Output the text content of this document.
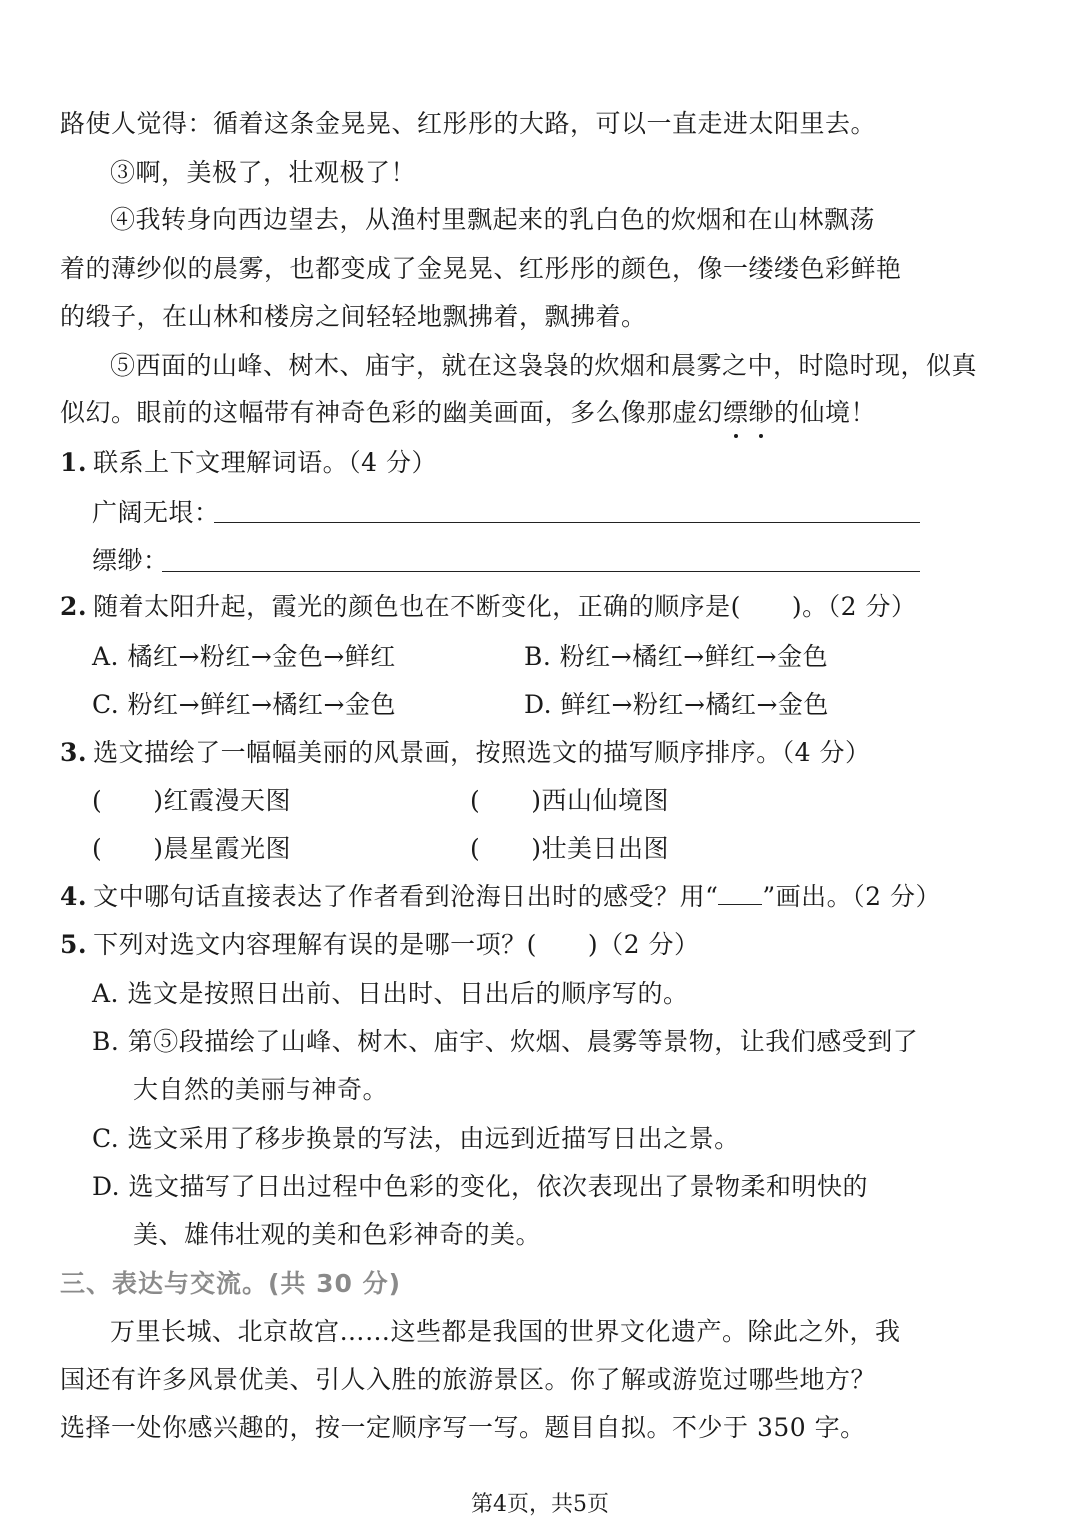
路使人觉得：循着这条金晃晃、红彤彤的大路，可以一直走进太阳里去。
③啊，美极了，壮观极了！
④我转身向西边望去，从渔村里飘起来的乳白色的炊烟和在山林飘荡
着的薄纱似的晨雾，也都变成了金晃晃、红彤彤的颜色，像一缕缕色彩鲜艳
的缎子，在山林和楼房之间轻轻地飘拂着，飘拂着。
⑤西面的山峰、树木、庙宇，就在这袅袅的炊烟和晨雾之中，时隐时现，似真
似幻。眼前的这幅带有神奇色彩的幽美画面，多么像那虚幻缥缈的仙境！
1. 联系上下文理解词语。（4 分）
广阔无垠：
缥缈：
2. 随着太阳升起，霞光的颜色也在不断变化，正确的顺序是(　　)。（2 分）
A. 橘红→粉红→金色→鲜红	B. 粉红→橘红→鲜红→金色
C. 粉红→鲜红→橘红→金色	D. 鲜红→粉红→橘红→金色
3. 选文描绘了一幅幅美丽的风景画，按照选文的描写顺序排序。（4 分）
(　　)红霞漫天图	(　　)西山仙境图
(　　)晨星霞光图	(　　)壮美日出图
4. 文中哪句话直接表达了作者看到沧海日出时的感受？用“ ”画出。（2 分）
5. 下列对选文内容理解有误的是哪一项？(　　)（2 分）
A. 选文是按照日出前、日出时、日出后的顺序写的。
B. 第⑤段描绘了山峰、树木、庙宇、炊烟、晨雾等景物，让我们感受到了
大自然的美丽与神奇。
C. 选文采用了移步换景的写法，由远到近描写日出之景。
D. 选文描写了日出过程中色彩的变化，依次表现出了景物柔和明快的
美、雄伟壮观的美和色彩神奇的美。
三、表达与交流。(共 30 分)
万里长城、北京故宫……这些都是我国的世界文化遗产。除此之外，我
国还有许多风景优美、引人入胜的旅游景区。你了解或游览过哪些地方？
选择一处你感兴趣的，按一定顺序写一写。题目自拟。不少于 350 字。
第4页，共5页
